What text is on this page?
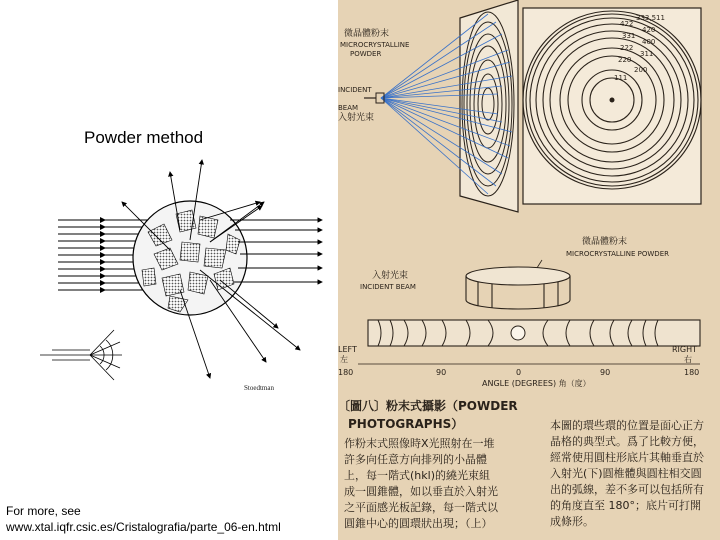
Powder method
Stoedtman
For more, see
www.xtal.iqfr.csic.es/Cristalografia/parte_06-en.html
333,511
422
420
331
400
222
311
220
200
111
微晶體粉末
MICROCRYSTALLINE
POWDER
INCIDENT
BEAM
入射光束
微晶體粉末
MICROCRYSTALLINE POWDER
入射光束
INCIDENT BEAM
LEFT
左
RIGHT
右
180	90	0	90	180
ANGLE (DEGREES) 角（度）
〔圖八〕粉末式攝影（POWDER
PHOTOGRAPHS）
作粉末式照像時X光照射在一堆
許多向任意方向排列的小晶體
上，每一階式(hkl)的繞光束組
成一圓錐體，如以垂直於入射光
之平面感光板記錄，每一階式以
圓錐中心的圓環狀出現；（上）
本圖的環些環的位置是面心正方
晶格的典型式。爲了比較方便，
經常使用圓柱形底片其軸垂直於
入射光(下)圓椎體與圓柱相交圓
出的弧線，差不多可以包括所有
的角度直至 180°；底片可打開
成條形。
